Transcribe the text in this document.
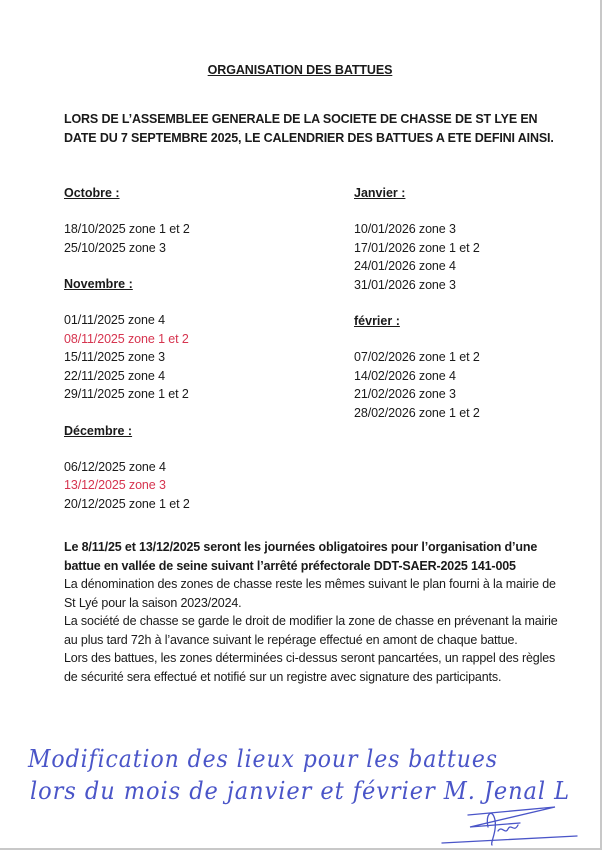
ORGANISATION DES BATTUES
LORS DE L’ASSEMBLEE GENERALE DE LA SOCIETE DE CHASSE DE ST LYE EN DATE DU 7 SEPTEMBRE 2025, LE CALENDRIER DES BATTUES A ETE DEFINI AINSI.
Octobre :
18/10/2025 zone 1 et 2
25/10/2025 zone 3
Novembre :
01/11/2025 zone 4
08/11/2025 zone 1 et 2
15/11/2025 zone 3
22/11/2025 zone 4
29/11/2025 zone 1 et 2
Décembre :
06/12/2025 zone 4
13/12/2025 zone 3
20/12/2025 zone 1 et 2
Janvier :
10/01/2026 zone 3
17/01/2026 zone 1 et 2
24/01/2026 zone 4
31/01/2026 zone 3
février :
07/02/2026 zone 1 et 2
14/02/2026 zone 4
21/02/2026 zone 3
28/02/2026 zone 1 et 2

Le 8/11/25 et 13/12/2025 seront les journées obligatoires pour l’organisation d’une battue en vallée de seine suivant l’arrêté préfectorale DDT-SAER-2025 141-005

La dénomination des zones de chasse reste les mêmes suivant le plan fourni à la mairie de St Lyé pour la saison 2023/2024.

La société de chasse se garde le droit de modifier la zone de chasse en prévenant la mairie au plus tard 72h à l’avance suivant le repérage effectué en amont de chaque battue.

Lors des battues, les zones déterminées ci-dessus seront pancartées, un rappel des règles de sécurité sera effectué et notifié sur un registre avec signature des participants.

Modification des lieux pour les battues
lors du mois de janvier et février M. Jenal L
